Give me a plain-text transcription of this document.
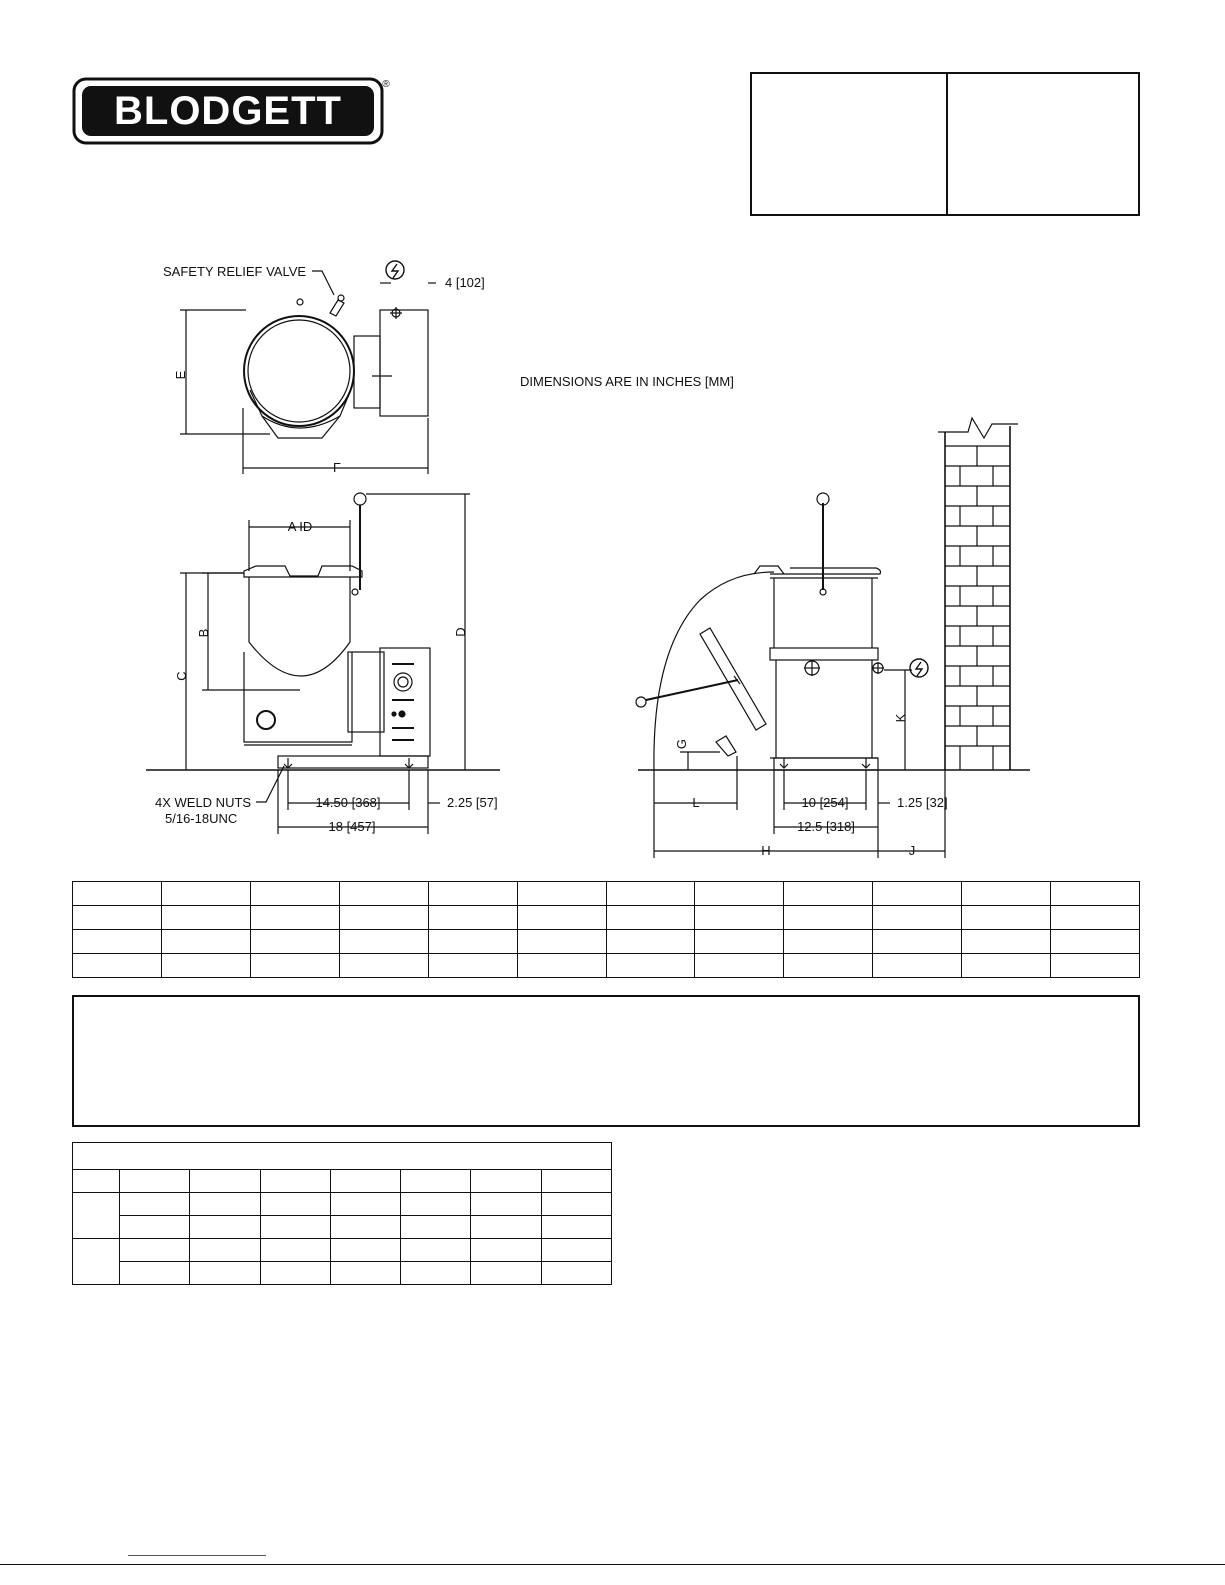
BLODGETT
®
SAFETY RELIEF VALVE
4 [102]
E
F
A ID
B
C
D
14.50 [368]	2.25 [57]
18 [457]
4X WELD NUTS
5/16-18UNC
DIMENSIONS ARE IN INCHES [MM]
K
G
L	10 [254]	1.25 [32]
12.5 [318]
H	J
